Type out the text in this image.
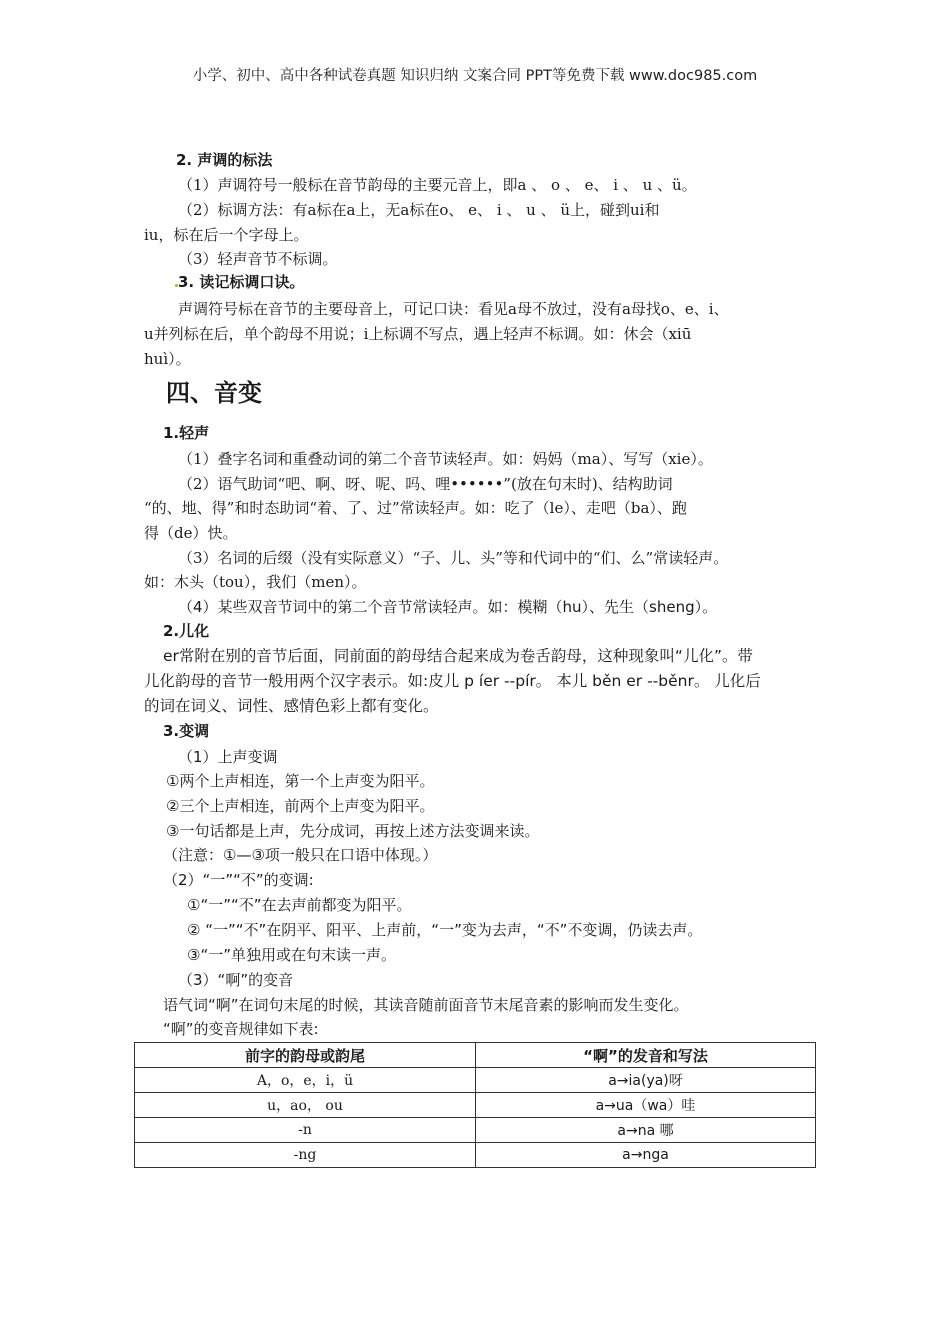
小学、初中、高中各种试卷真题 知识归纳 文案合同 PPT等免费下载 www.doc985.com
2. 声调的标法
（1）声调符号一般标在音节韵母的主要元音上，即a 、 o 、 e、 i 、 u 、ü。
（2）标调方法：有a标在a上，无a标在o、 e、 i 、 u 、 ü上，碰到ui和
iu，标在后一个字母上。
（3）轻声音节不标调。
3. 读记标调口诀。
声调符号标在音节的主要母音上，可记口诀：看见a母不放过，没有a母找o、e、i、
u并列标在后，单个韵母不用说；i上标调不写点，遇上轻声不标调。如：休会（xiū
huì）。
四、音变
1.轻声
（1）叠字名词和重叠动词的第二个音节读轻声。如：妈妈（ma）、写写（xie）。
（2）语气助词“吧、啊、呀、呢、吗、哩••••••”(放在句末时)、结构助词
“的、地、得”和时态助词“着、了、过”常读轻声。如：吃了（le）、走吧（ba）、跑
得（de）快。
（3）名词的后缀（没有实际意义）“子、儿、头”等和代词中的“们、么”常读轻声。
如：木头（tou），我们（men）。
（4）某些双音节词中的第二个音节常读轻声。如：模糊（hu）、先生（sheng）。
2.儿化
er常附在别的音节后面，同前面的韵母结合起来成为卷舌韵母，这种现象叫“儿化”。带
儿化韵母的音节一般用两个汉字表示。如:皮儿 p íer --pír。 本儿 běn er --běnr。 儿化后
的词在词义、词性、感情色彩上都有变化。
3.变调
（1）上声变调
①两个上声相连，第一个上声变为阳平。
②三个上声相连，前两个上声变为阳平。
③一句话都是上声，先分成词，再按上述方法变调来读。
（注意：①—③项一般只在口语中体现。）
（2）“一”“不”的变调:
①“一”“不”在去声前都变为阳平。
② “一”“不”在阴平、阳平、上声前，“一”变为去声，“不”不变调，仍读去声。
③“一”单独用或在句末读一声。
（3）“啊”的变音
语气词“啊”在词句末尾的时候，其读音随前面音节末尾音素的影响而发生变化。
“啊”的变音规律如下表:
前字的韵母或韵尾	“啊”的发音和写法
A，o，e，i，ü	a→ia(ya)呀
u，ao， ou	a→ua（wa）哇
-n	a→na 哪
-ng	a→nga
